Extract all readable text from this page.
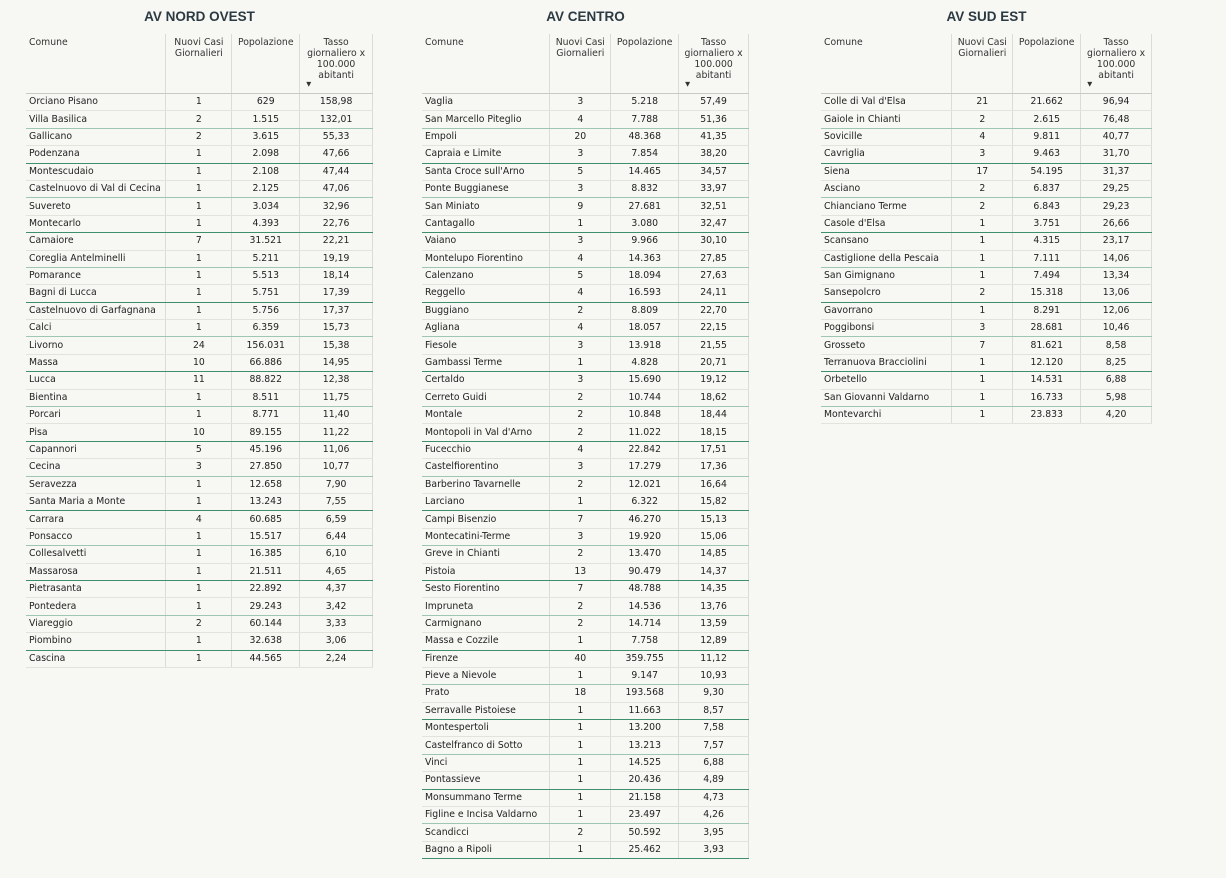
AV NORD OVEST
Comune	Nuovi Casi Giornalieri	Popolazione	Tasso giornaliero x 100.000 abitanti
▼

Orciano Pisano	1	629	158,98
Villa Basilica	2	1.515	132,01
Gallicano	2	3.615	55,33
Podenzana	1	2.098	47,66
Montescudaio	1	2.108	47,44
Castelnuovo di Val di Cecina	1	2.125	47,06
Suvereto	1	3.034	32,96
Montecarlo	1	4.393	22,76
Camaiore	7	31.521	22,21
Coreglia Antelminelli	1	5.211	19,19
Pomarance	1	5.513	18,14
Bagni di Lucca	1	5.751	17,39
Castelnuovo di Garfagnana	1	5.756	17,37
Calci	1	6.359	15,73
Livorno	24	156.031	15,38
Massa	10	66.886	14,95
Lucca	11	88.822	12,38
Bientina	1	8.511	11,75
Porcari	1	8.771	11,40
Pisa	10	89.155	11,22
Capannori	5	45.196	11,06
Cecina	3	27.850	10,77
Seravezza	1	12.658	7,90
Santa Maria a Monte	1	13.243	7,55
Carrara	4	60.685	6,59
Ponsacco	1	15.517	6,44
Collesalvetti	1	16.385	6,10
Massarosa	1	21.511	4,65
Pietrasanta	1	22.892	4,37
Pontedera	1	29.243	3,42
Viareggio	2	60.144	3,33
Piombino	1	32.638	3,06
Cascina	1	44.565	2,24
AV CENTRO
Comune	Nuovi Casi Giornalieri	Popolazione	Tasso giornaliero x 100.000 abitanti
▼

Vaglia	3	5.218	57,49
San Marcello Piteglio	4	7.788	51,36
Empoli	20	48.368	41,35
Capraia e Limite	3	7.854	38,20
Santa Croce sull'Arno	5	14.465	34,57
Ponte Buggianese	3	8.832	33,97
San Miniato	9	27.681	32,51
Cantagallo	1	3.080	32,47
Vaiano	3	9.966	30,10
Montelupo Fiorentino	4	14.363	27,85
Calenzano	5	18.094	27,63
Reggello	4	16.593	24,11
Buggiano	2	8.809	22,70
Agliana	4	18.057	22,15
Fiesole	3	13.918	21,55
Gambassi Terme	1	4.828	20,71
Certaldo	3	15.690	19,12
Cerreto Guidi	2	10.744	18,62
Montale	2	10.848	18,44
Montopoli in Val d'Arno	2	11.022	18,15
Fucecchio	4	22.842	17,51
Castelfiorentino	3	17.279	17,36
Barberino Tavarnelle	2	12.021	16,64
Larciano	1	6.322	15,82
Campi Bisenzio	7	46.270	15,13
Montecatini-Terme	3	19.920	15,06
Greve in Chianti	2	13.470	14,85
Pistoia	13	90.479	14,37
Sesto Fiorentino	7	48.788	14,35
Impruneta	2	14.536	13,76
Carmignano	2	14.714	13,59
Massa e Cozzile	1	7.758	12,89
Firenze	40	359.755	11,12
Pieve a Nievole	1	9.147	10,93
Prato	18	193.568	9,30
Serravalle Pistoiese	1	11.663	8,57
Montespertoli	1	13.200	7,58
Castelfranco di Sotto	1	13.213	7,57
Vinci	1	14.525	6,88
Pontassieve	1	20.436	4,89
Monsummano Terme	1	21.158	4,73
Figline e Incisa Valdarno	1	23.497	4,26
Scandicci	2	50.592	3,95
Bagno a Ripoli	1	25.462	3,93
AV SUD EST
Comune	Nuovi Casi Giornalieri	Popolazione	Tasso giornaliero x 100.000 abitanti
▼

Colle di Val d'Elsa	21	21.662	96,94
Gaiole in Chianti	2	2.615	76,48
Sovicille	4	9.811	40,77
Cavriglia	3	9.463	31,70
Siena	17	54.195	31,37
Asciano	2	6.837	29,25
Chianciano Terme	2	6.843	29,23
Casole d'Elsa	1	3.751	26,66
Scansano	1	4.315	23,17
Castiglione della Pescaia	1	7.111	14,06
San Gimignano	1	7.494	13,34
Sansepolcro	2	15.318	13,06
Gavorrano	1	8.291	12,06
Poggibonsi	3	28.681	10,46
Grosseto	7	81.621	8,58
Terranuova Bracciolini	1	12.120	8,25
Orbetello	1	14.531	6,88
San Giovanni Valdarno	1	16.733	5,98
Montevarchi	1	23.833	4,20
